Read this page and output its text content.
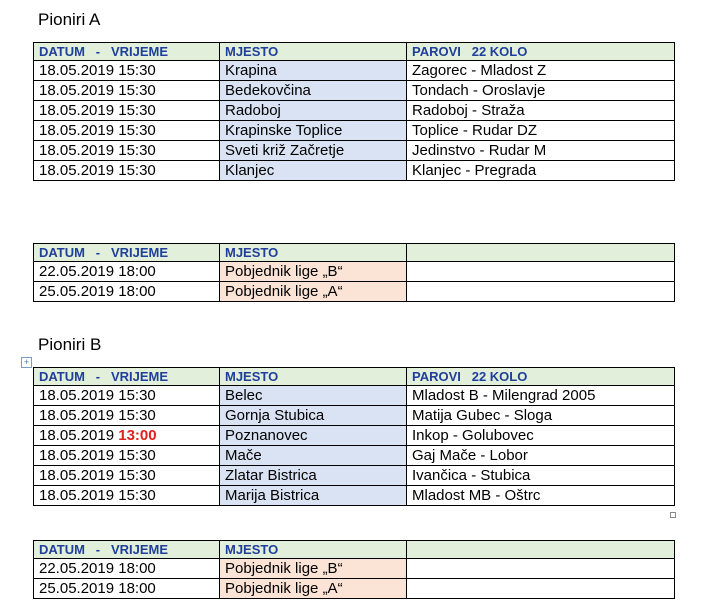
Pioniri A
DATUM   -   VRIJEME	MJESTO	PAROVI   22 KOLO
18.05.2019 15:30	Krapina	Zagorec - Mladost Z
18.05.2019 15:30	Bedekovčina	Tondach - Oroslavje
18.05.2019 15:30	Radoboj	Radoboj - Straža
18.05.2019 15:30	Krapinske Toplice	Toplice - Rudar DZ
18.05.2019 15:30	Sveti križ Začretje	Jedinstvo - Rudar M
18.05.2019 15:30	Klanjec	Klanjec - Pregrada
DATUM   -   VRIJEME	MJESTO	
22.05.2019 18:00	Pobjednik lige „B“	
25.05.2019 18:00	Pobjednik lige „A“	
Pioniri B
+
DATUM   -   VRIJEME	MJESTO	PAROVI   22 KOLO
18.05.2019 15:30	Belec	Mladost B - Milengrad 2005
18.05.2019 15:30	Gornja Stubica	Matija Gubec - Sloga
18.05.2019 13:00	Poznanovec	Inkop - Golubovec
18.05.2019 15:30	Mače	Gaj Mače - Lobor
18.05.2019 15:30	Zlatar Bistrica	Ivančica - Stubica
18.05.2019 15:30	Marija Bistrica	Mladost MB - Oštrc
DATUM   -   VRIJEME	MJESTO	
22.05.2019 18:00	Pobjednik lige „B“	
25.05.2019 18:00	Pobjednik lige „A“	
